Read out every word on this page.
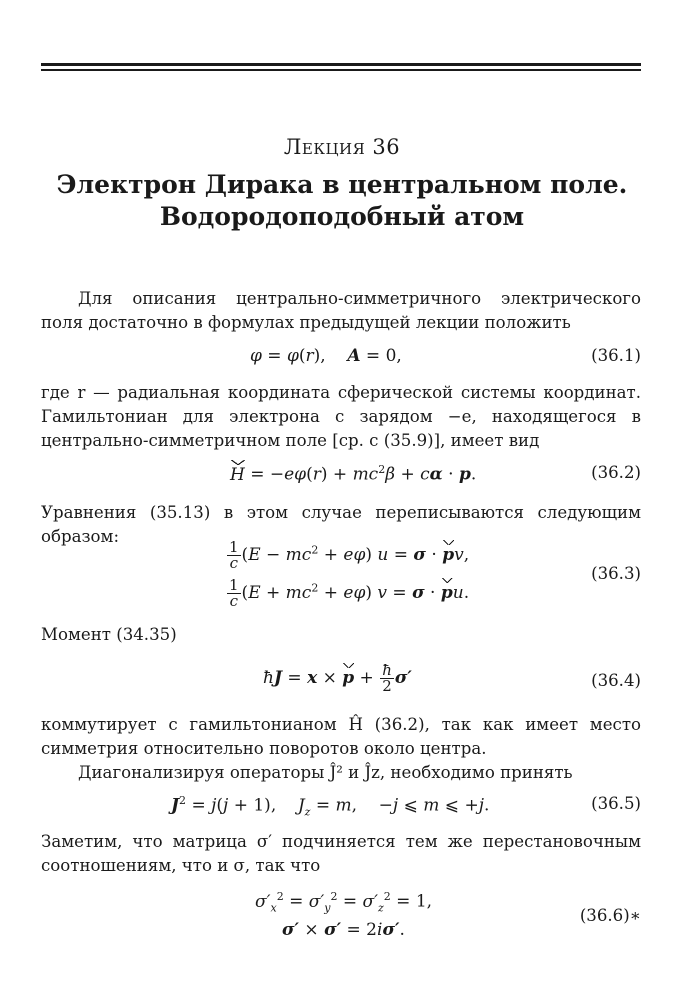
Лекция 36
Электрон Дирака в центральном поле.
Водородоподобный атом
Для описания центрально-симметричного электрического поля достаточно в формулах предыдущей лекции положить
φ = φ(r),    A = 0,	(36.1)
где r — радиальная координата сферической системы координат. Гамильтониан для электрона с зарядом −e, находящегося в центрально-симметричном поле [ср. с (35.9)], имеет вид
$H = -e\varphi(r) + mc^2\beta + c\alpha \cdot p$.	(36.2)
Уравнения (35.13) в этом случае переписываются следующим образом:
$\frac{1}{c} (E - mc^2 + e\varphi) u = \sigma$ · pv,
$\frac{1}{c} (E + mc^2 + e\varphi) v = \sigma$ · pu.
(36.3)
Момент (34.35)
ħJ = $x \times p + \frac{ħ}{2} \sigma'$	(36.4)
коммутирует с гамильтонианом Ĥ (36.2), так как имеет место симметрия относительно поворотов около центра.
Диагонализируя операторы Ĵ² и Ĵz, необходимо принять
$J^2 = j(j + 1)$,    $J_z = m$,    −j ⩽ m ⩽ +j.	(36.5)
Заметим, что матрица σ′ подчиняется тем же перестановочным соотношениям, что и σ, так что
$\sigma'_x^2 = \sigma'_y^2 = \sigma'_z^2 = 1$,
σ′ × σ′ = 2iσ′.
(36.6)∗
